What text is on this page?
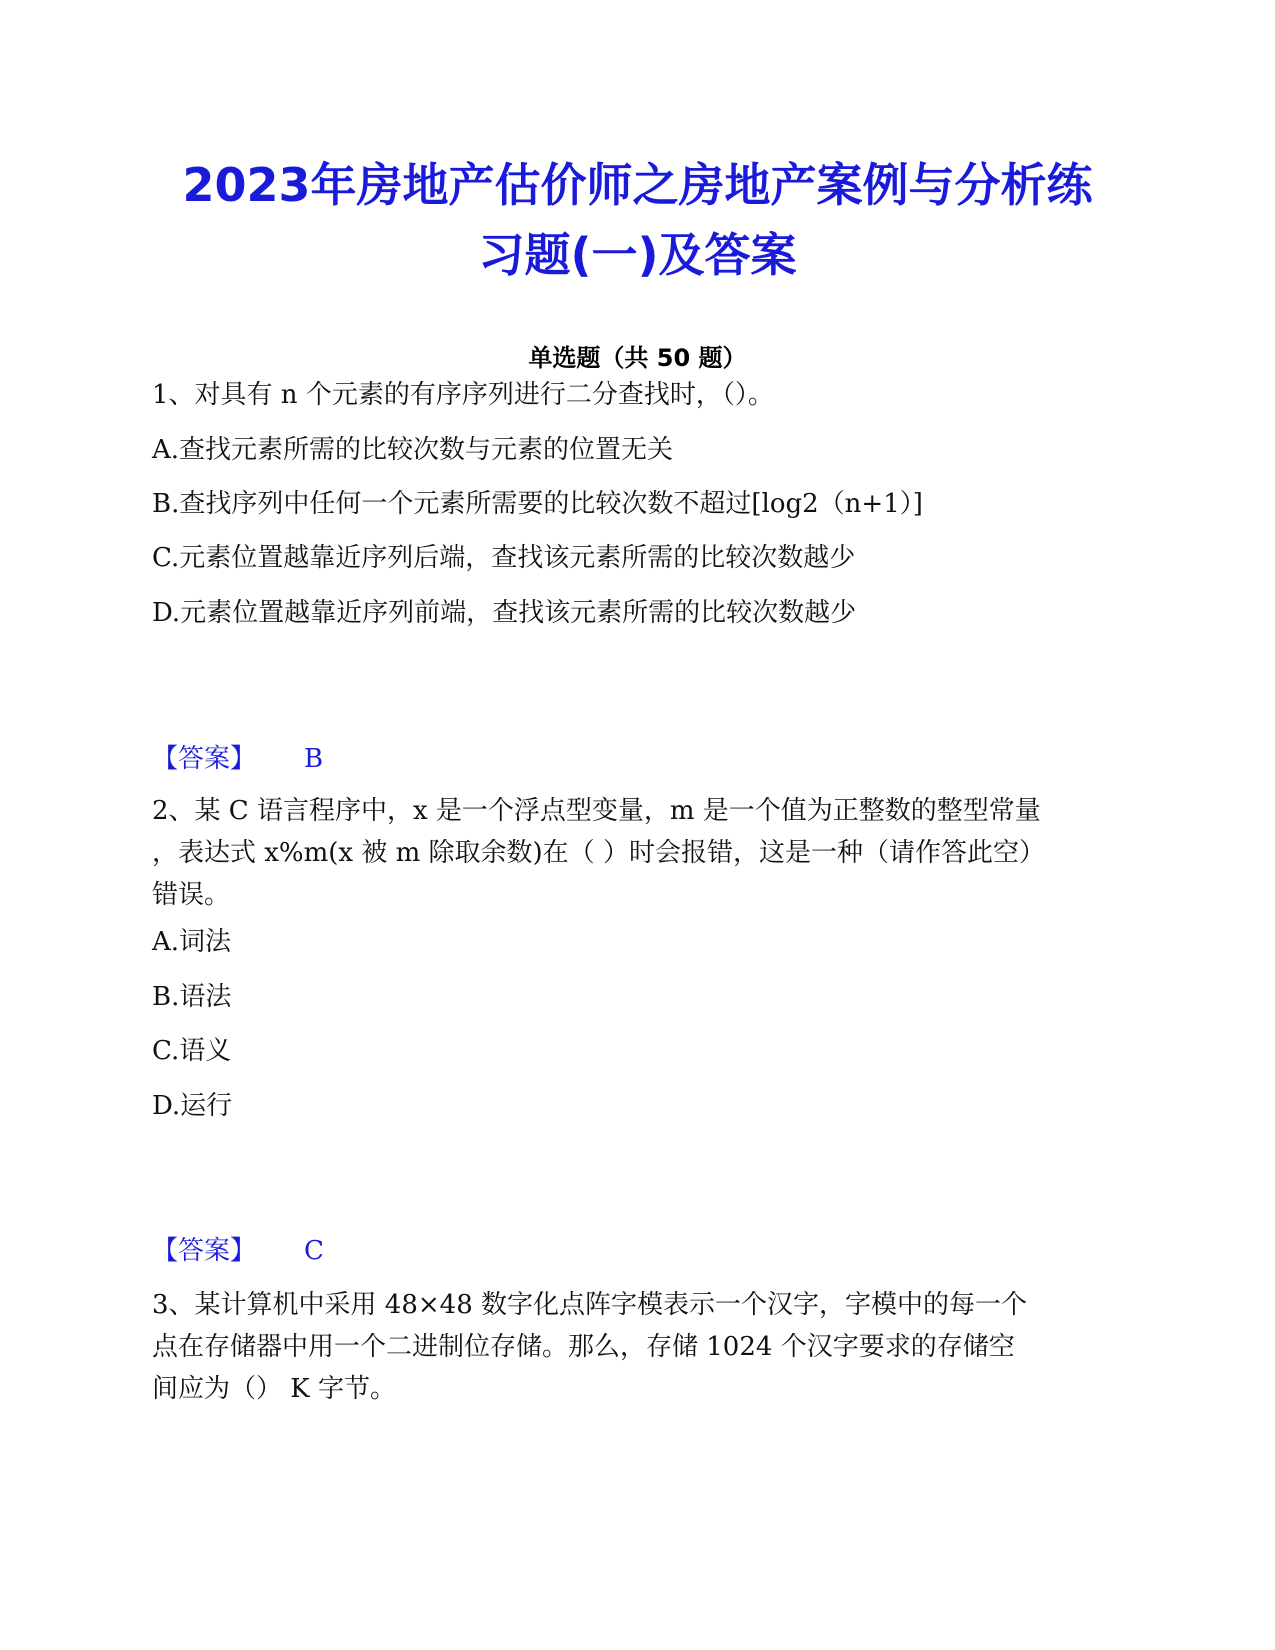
2023年房地产估价师之房地产案例与分析练
习题(一)及答案
单选题（共 50 题）
1、对具有 n 个元素的有序序列进行二分查找时，（）。
A.查找元素所需的比较次数与元素的位置无关
B.查找序列中任何一个元素所需要的比较次数不超过[log2（n+1）]
C.元素位置越靠近序列后端，查找该元素所需的比较次数越少
D.元素位置越靠近序列前端，查找该元素所需的比较次数越少
【答案】 B
2、某 C 语言程序中，x 是一个浮点型变量，m 是一个值为正整数的整型常量
，表达式 x%m(x 被 m 除取余数)在（ ）时会报错，这是一种（请作答此空）
错误。
A.词法
B.语法
C.语义
D.运行
【答案】 C
3、某计算机中采用 48×48 数字化点阵字模表示一个汉字，字模中的每一个
点在存储器中用一个二进制位存储。那么，存储 1024 个汉字要求的存储空
间应为（） K 字节。
